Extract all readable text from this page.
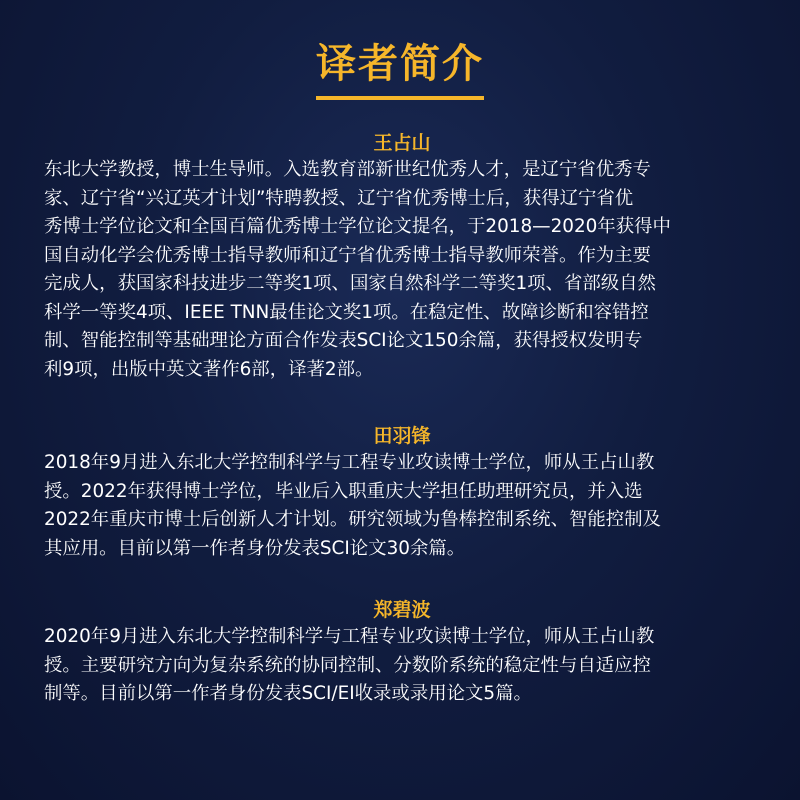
译者简介
王占山
东北大学教授，博士生导师。入选教育部新世纪优秀人才，是辽宁省优秀专
家、辽宁省“兴辽英才计划”特聘教授、辽宁省优秀博士后，获得辽宁省优
秀博士学位论文和全国百篇优秀博士学位论文提名，于2018—2020年获得中
国自动化学会优秀博士指导教师和辽宁省优秀博士指导教师荣誉。作为主要
完成人，获国家科技进步二等奖1项、国家自然科学二等奖1项、省部级自然
科学一等奖4项、IEEE TNN最佳论文奖1项。在稳定性、故障诊断和容错控
制、智能控制等基础理论方面合作发表SCI论文150余篇，获得授权发明专
利9项，出版中英文著作6部，译著2部。
田羽锋
2018年9月进入东北大学控制科学与工程专业攻读博士学位，师从王占山教
授。2022年获得博士学位，毕业后入职重庆大学担任助理研究员，并入选
2022年重庆市博士后创新人才计划。研究领域为鲁棒控制系统、智能控制及
其应用。目前以第一作者身份发表SCI论文30余篇。
郑碧波
2020年9月进入东北大学控制科学与工程专业攻读博士学位，师从王占山教
授。主要研究方向为复杂系统的协同控制、分数阶系统的稳定性与自适应控
制等。目前以第一作者身份发表SCI/EI收录或录用论文5篇。
